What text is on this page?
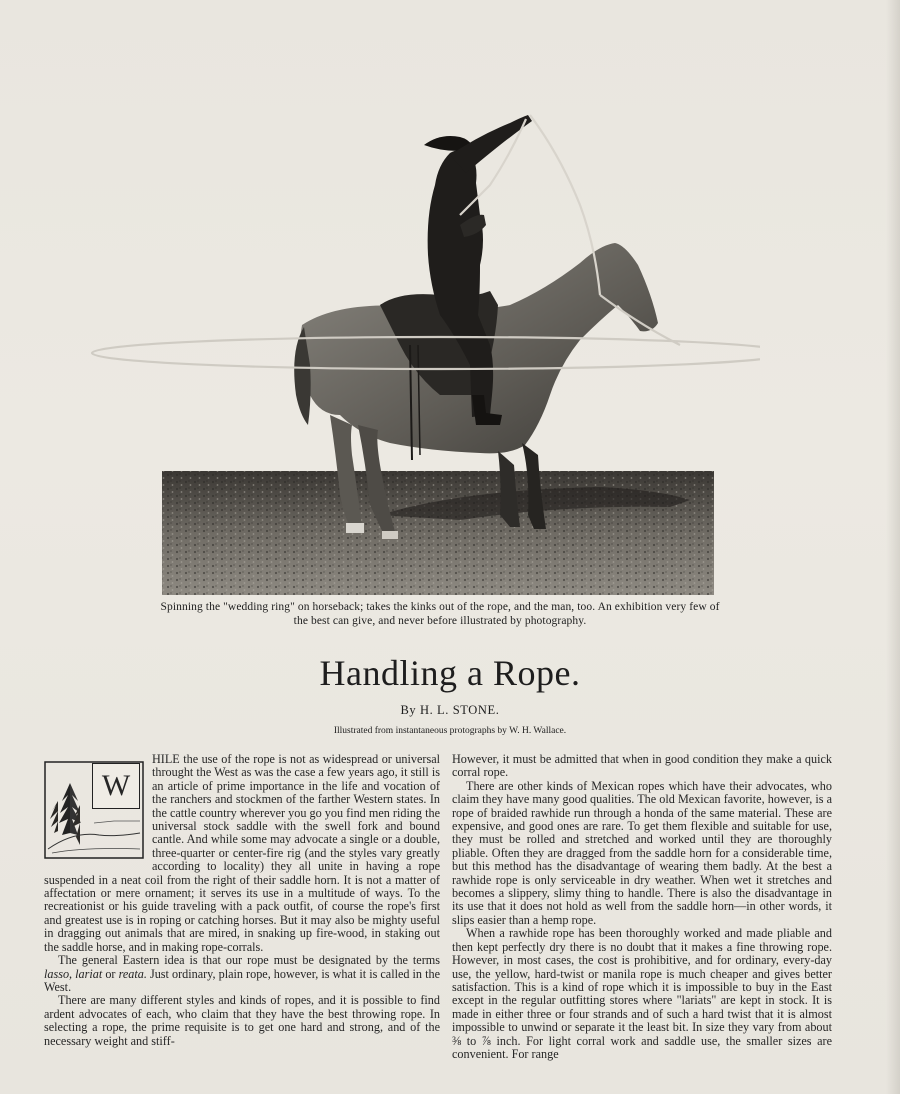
Spinning the "wedding ring" on horseback; takes the kinks out of the rope, and the man, too. An exhibition very few of the best can give, and never before illustrated by photography.
Handling a Rope.
By H. L. STONE.
Illustrated from instantaneous protographs by W. H. Wallace.
W

HILE the use of the rope is not as widespread or universal throught the West as was the case a few years ago, it still is an article of prime importance in the life and vocation of the ranchers and stockmen of the farther Western states. In the cattle country wherever you go you find men riding the universal stock saddle with the swell fork and bound cantle. And while some may advocate a single or a double, three-quarter or center-fire rig (and the styles vary greatly according to locality) they all unite in having a rope suspended in a neat coil from the right of their saddle horn. It is not a matter of affectation or mere ornament; it serves its use in a multitude of ways. To the recreationist or his guide traveling with a pack outfit, of course the rope's first and greatest use is in roping or catching horses. But it may also be mighty useful in dragging out animals that are mired, in snaking up fire-wood, in staking out the saddle horse, and in making rope-corrals.

The general Eastern idea is that our rope must be designated by the terms lasso, lariat or reata. Just ordinary, plain rope, however, is what it is called in the West.

There are many different styles and kinds of ropes, and it is possible to find ardent advocates of each, who claim that they have the best throwing rope. In selecting a rope, the prime requisite is to get one hard and strong, and of the necessary weight and stiff-

However, it must be admitted that when in good condition they make a quick corral rope.

There are other kinds of Mexican ropes which have their advocates, who claim they have many good qualities. The old Mexican favorite, however, is a rope of braided rawhide run through a honda of the same material. These are expensive, and good ones are rare. To get them flexible and suitable for use, they must be rolled and stretched and worked until they are thoroughly pliable. Often they are dragged from the saddle horn for a considerable time, but this method has the disadvantage of wearing them badly. At the best a rawhide rope is only serviceable in dry weather. When wet it stretches and becomes a slippery, slimy thing to handle. There is also the disadvantage in its use that it does not hold as well from the saddle horn—in other words, it slips easier than a hemp rope.

When a rawhide rope has been thoroughly worked and made pliable and then kept perfectly dry there is no doubt that it makes a fine throwing rope. However, in most cases, the cost is prohibitive, and for ordinary, every-day use, the yellow, hard-twist or manila rope is much cheaper and gives better satisfaction. This is a kind of rope which it is impossible to buy in the East except in the regular outfitting stores where "lariats" are kept in stock. It is made in either three or four strands and of such a hard twist that it is almost impossible to unwind or separate it the least bit. In size they vary from about ⅜ to ⅞ inch. For light corral work and saddle use, the smaller sizes are convenient. For range
